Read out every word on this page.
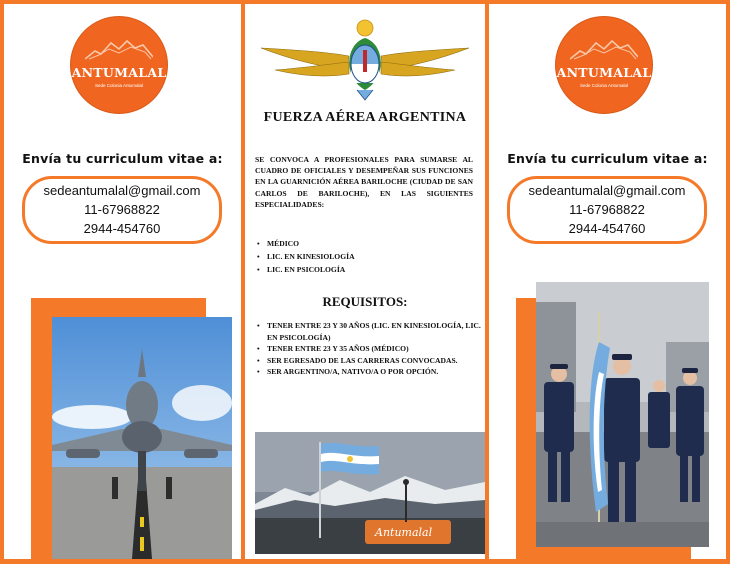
ANTUMALAL
Sede Colonia Antumalal
Envía tu curriculum vitae a:
sedeantumalal@gmail.com
11-67968822
2944-454760
FUERZA AÉREA ARGENTINA
SE CONVOCA A PROFESIONALES PARA SUMARSE AL CUADRO DE OFICIALES Y DESEMPEÑAR SUS FUNCIONES EN LA GUARNICIÓN AÉREA BARILOCHE (CIUDAD DE SAN CARLOS DE BARILOCHE), EN LAS SIGUIENTES ESPECIALIDADES:
• MÉDICO
• LIC. EN KINESIOLOGÍA
• LIC. EN PSICOLOGÍA
REQUISITOS:
• TENER ENTRE 23 Y 30 AÑOS (LIC. EN KINESIOLOGÍA, LIC. EN PSICOLOGÍA)
• TENER ENTRE 23 Y 35 AÑOS (MÉDICO)
• SER EGRESADO DE LAS CARRERAS CONVOCADAS.
• SER ARGENTINO/A, NATIVO/A O POR OPCIÓN.
Antumalal
ANTUMALAL
Sede Colonia Antumalal
Envía tu curriculum vitae a:
sedeantumalal@gmail.com
11-67968822
2944-454760
